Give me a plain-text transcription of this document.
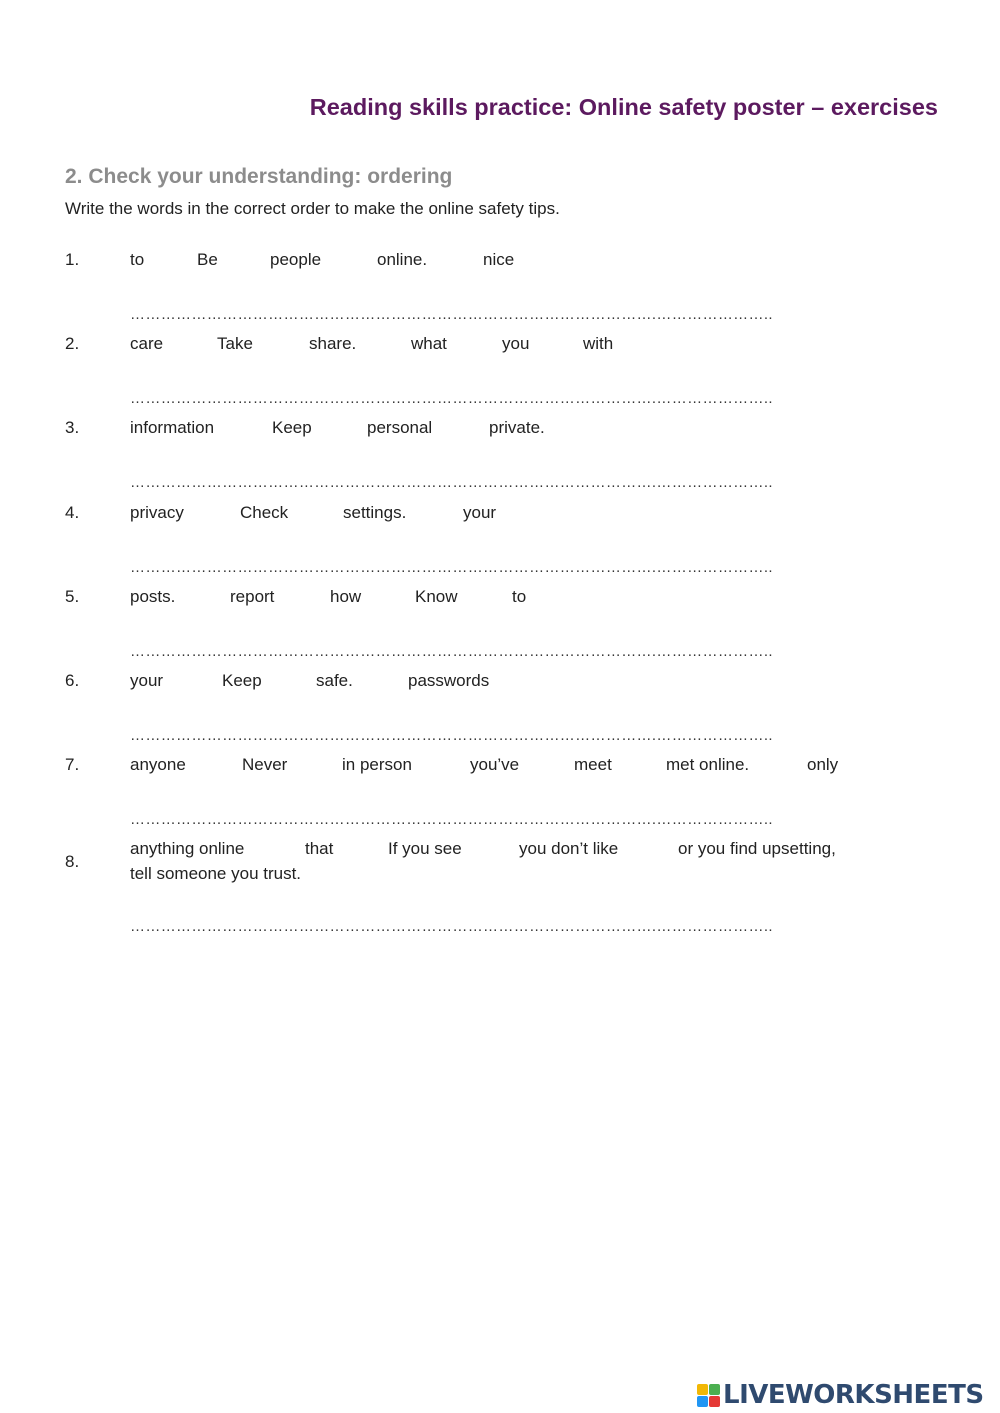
Reading skills practice: Online safety poster – exercises
2. Check your understanding: ordering
Write the words in the correct order to make the online safety tips.
1.	to	Be	people	online.	nice
………………………………………………………………………………………….…………………..
2.	care	Take	share.	what	you	with
………………………………………………………………………………………….…………………..
3.	information	Keep	personal	private.
………………………………………………………………………………………….…………………..
4.	privacy	Check	settings.	your
………………………………………………………………………………………….…………………..
5.	posts.	report	how	Know	to
………………………………………………………………………………………….…………………..
6.	your	Keep	safe.	passwords
………………………………………………………………………………………….…………………..
7.	anyone	Never	in person	you’ve	meet	met online.	only
………………………………………………………………………………………….…………………..
8.
anything online	that	If you see	you don’t like	or you find upsetting,
tell someone you trust.
………………………………………………………………………………………….…………………..
LIVEWORKSHEETS
